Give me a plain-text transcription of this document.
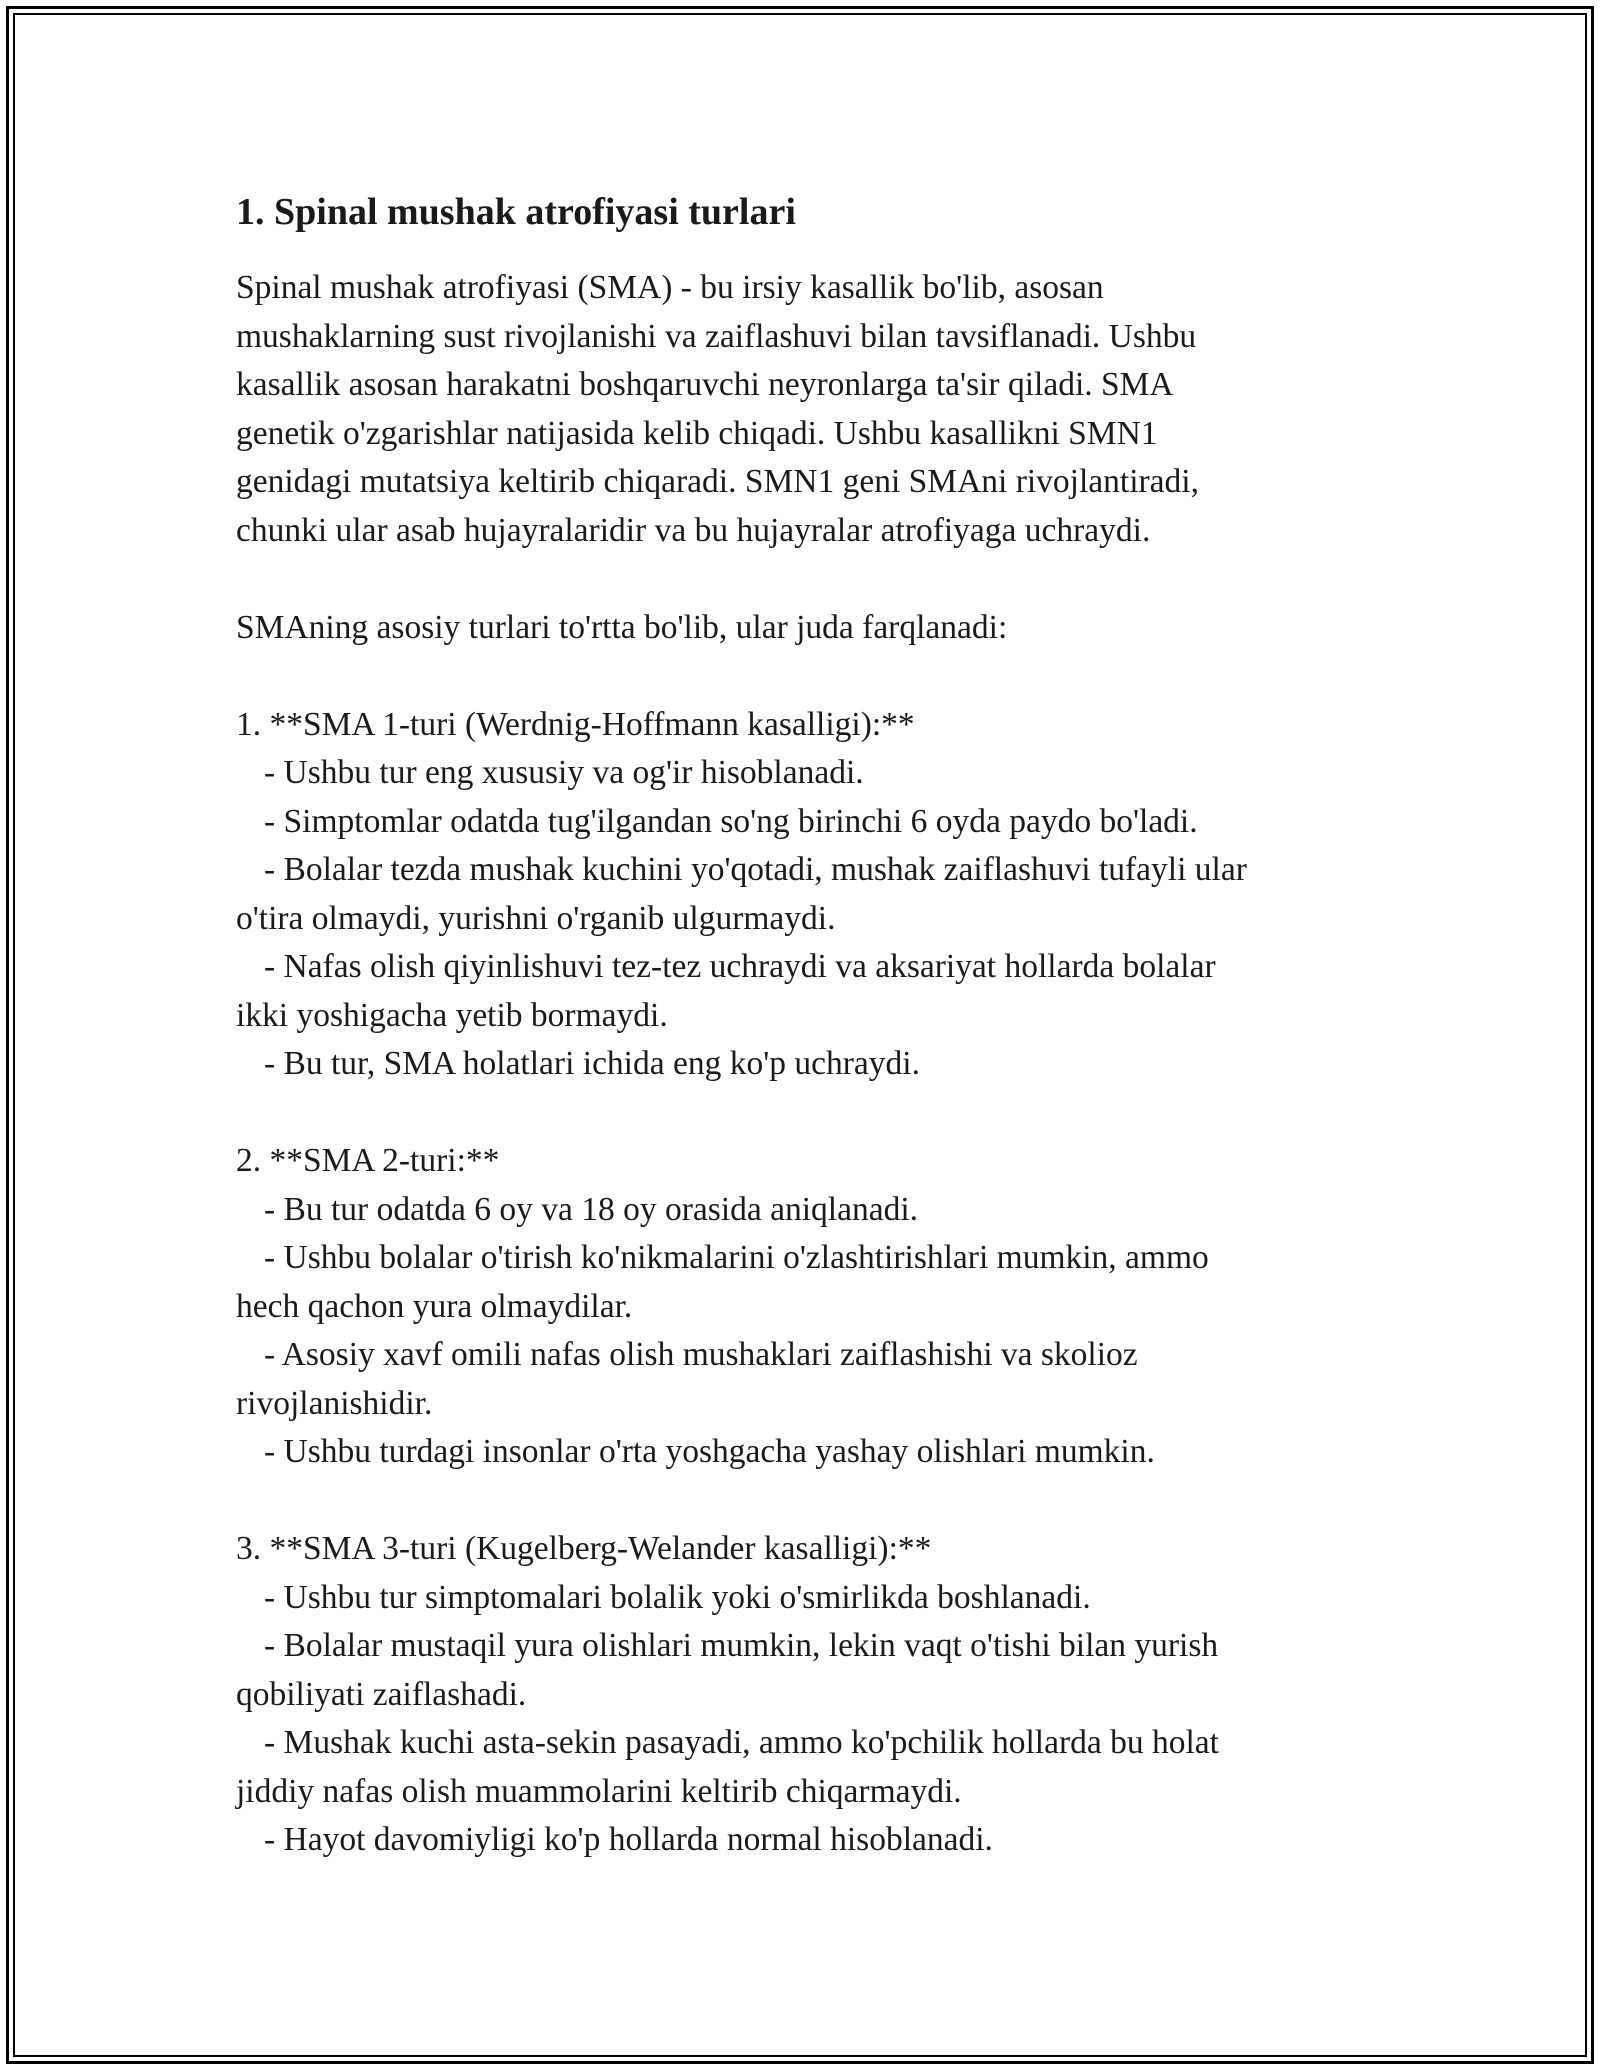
1. Spinal mushak atrofiyasi turlari

Spinal mushak atrofiyasi (SMA) - bu irsiy kasallik bo'lib, asosan

mushaklarning sust rivojlanishi va zaiflashuvi bilan tavsiflanadi. Ushbu

kasallik asosan harakatni boshqaruvchi neyronlarga ta'sir qiladi. SMA

genetik o'zgarishlar natijasida kelib chiqadi. Ushbu kasallikni SMN1

genidagi mutatsiya keltirib chiqaradi. SMN1 geni SMAni rivojlantiradi,

chunki ular asab hujayralaridir va bu hujayralar atrofiyaga uchraydi.

SMAning asosiy turlari to'rtta bo'lib, ular juda farqlanadi:

1. **SMA 1-turi (Werdnig-Hoffmann kasalligi):**

- Ushbu tur eng xususiy va og'ir hisoblanadi.

- Simptomlar odatda tug'ilgandan so'ng birinchi 6 oyda paydo bo'ladi.

- Bolalar tezda mushak kuchini yo'qotadi, mushak zaiflashuvi tufayli ular

o'tira olmaydi, yurishni o'rganib ulgurmaydi.

- Nafas olish qiyinlishuvi tez-tez uchraydi va aksariyat hollarda bolalar

ikki yoshigacha yetib bormaydi.

- Bu tur, SMA holatlari ichida eng ko'p uchraydi.

2. **SMA 2-turi:**

- Bu tur odatda 6 oy va 18 oy orasida aniqlanadi.

- Ushbu bolalar o'tirish ko'nikmalarini o'zlashtirishlari mumkin, ammo

hech qachon yura olmaydilar.

- Asosiy xavf omili nafas olish mushaklari zaiflashishi va skolioz

rivojlanishidir.

- Ushbu turdagi insonlar o'rta yoshgacha yashay olishlari mumkin.

3. **SMA 3-turi (Kugelberg-Welander kasalligi):**

- Ushbu tur simptomalari bolalik yoki o'smirlikda boshlanadi.

- Bolalar mustaqil yura olishlari mumkin, lekin vaqt o'tishi bilan yurish

qobiliyati zaiflashadi.

- Mushak kuchi asta-sekin pasayadi, ammo ko'pchilik hollarda bu holat

jiddiy nafas olish muammolarini keltirib chiqarmaydi.

- Hayot davomiyligi ko'p hollarda normal hisoblanadi.
